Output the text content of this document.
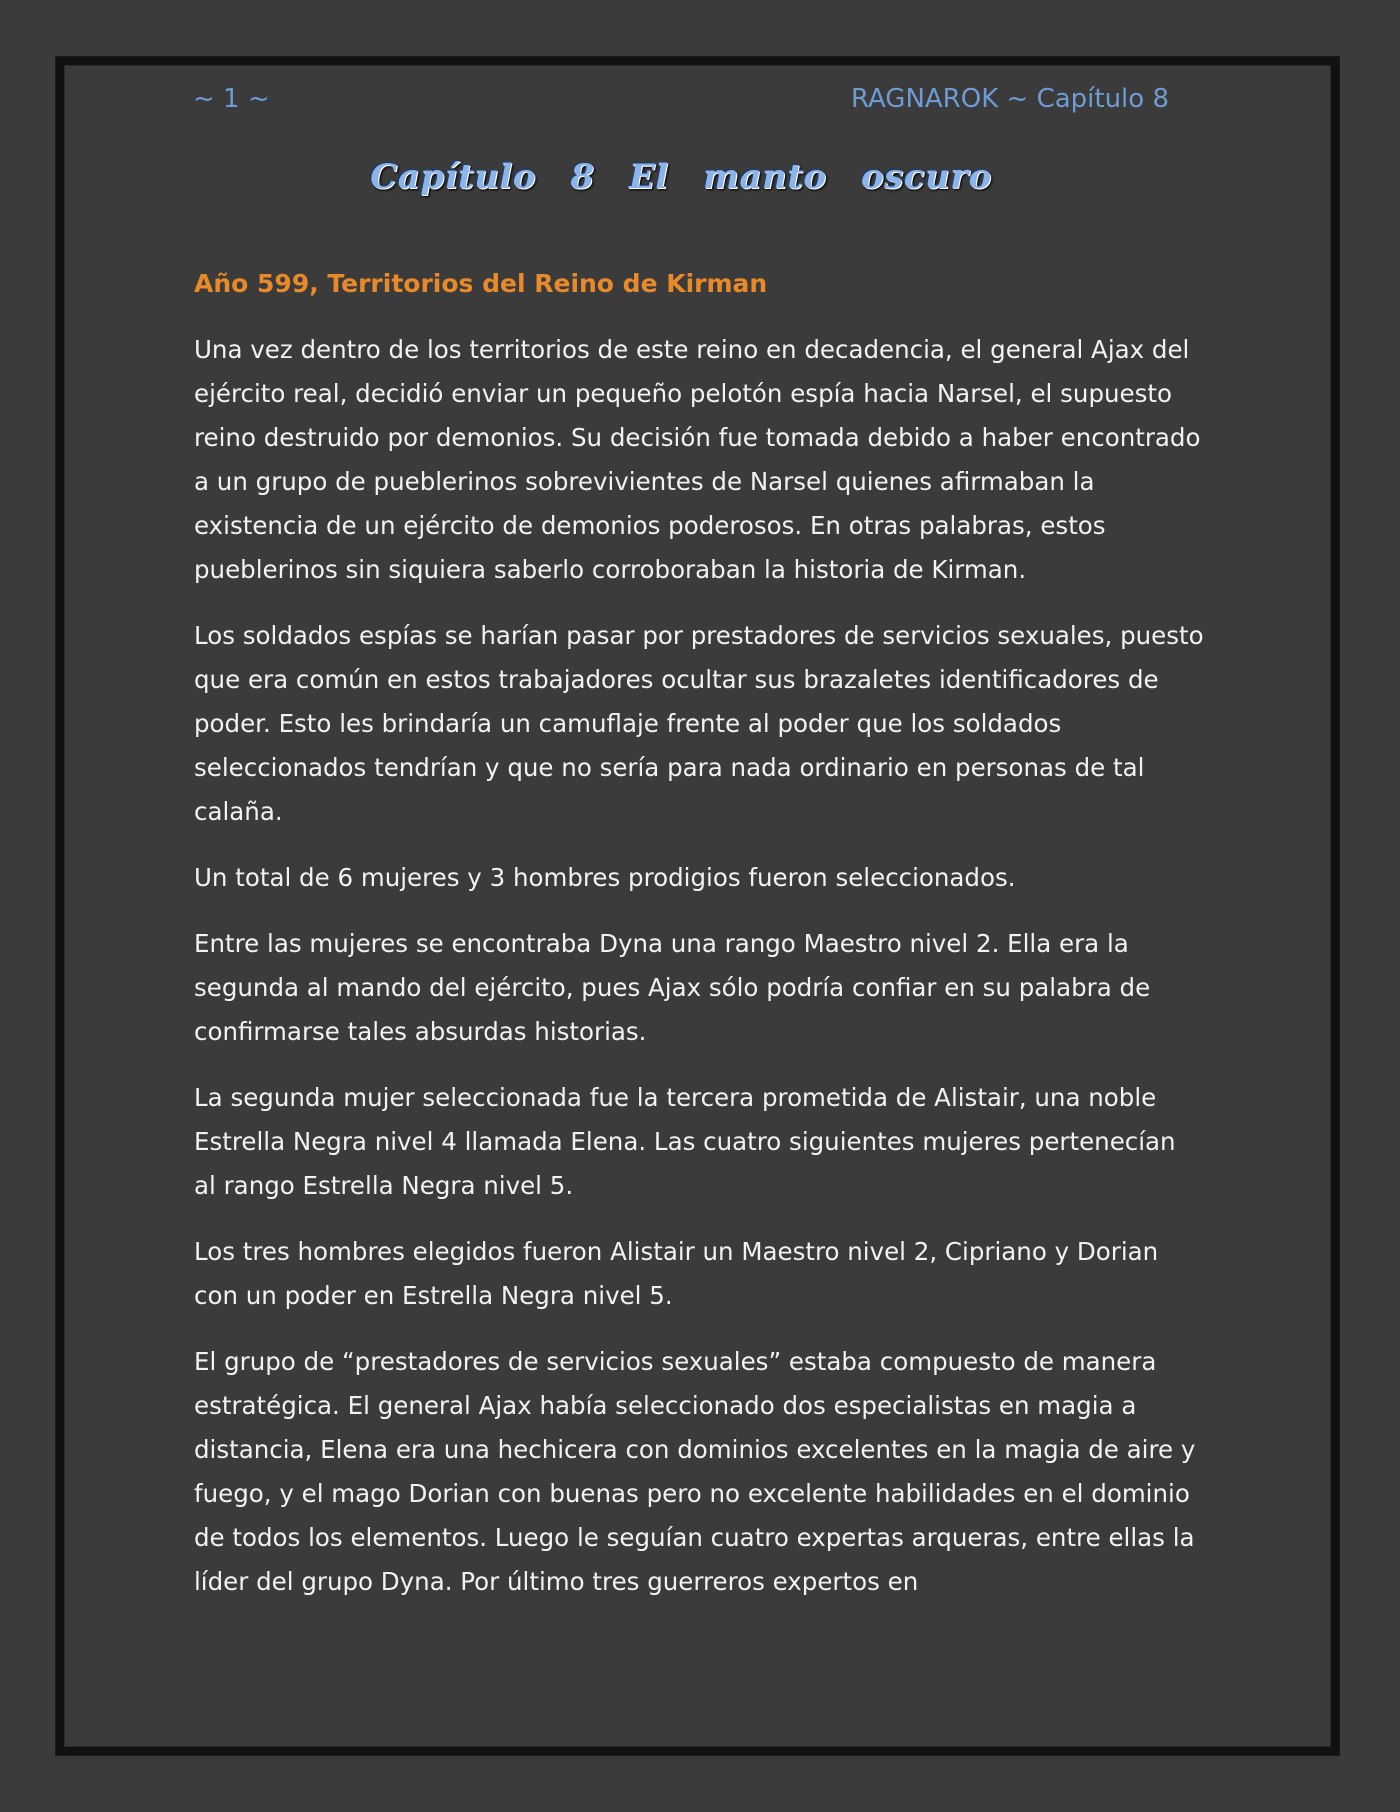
~ 1 ~	RAGNAROK ~ Capítulo 8
Capítulo 8 El manto oscuro
Año 599, Territorios del Reino de Kirman

Una vez dentro de los territorios de este reino en decadencia, el general Ajax del ejército real, decidió enviar un pequeño pelotón espía hacia Narsel, el supuesto reino destruido por demonios. Su decisión fue tomada debido a haber encontrado a un grupo de pueblerinos sobrevivientes de Narsel quienes afirmaban la existencia de un ejército de demonios poderosos. En otras palabras, estos pueblerinos sin siquiera saberlo corroboraban la historia de Kirman.

Los soldados espías se harían pasar por prestadores de servicios sexuales, puesto que era común en estos trabajadores ocultar sus brazaletes identificadores de poder. Esto les brindaría un camuflaje frente al poder que los soldados seleccionados tendrían y que no sería para nada ordinario en personas de tal calaña.

Un total de 6 mujeres y 3 hombres prodigios fueron seleccionados.

Entre las mujeres se encontraba Dyna una rango Maestro nivel 2. Ella era la segunda al mando del ejército, pues Ajax sólo podría confiar en su palabra de confirmarse tales absurdas historias.

La segunda mujer seleccionada fue la tercera prometida de Alistair, una noble Estrella Negra nivel 4 llamada Elena. Las cuatro siguientes mujeres pertenecían al rango Estrella Negra nivel 5.

Los tres hombres elegidos fueron Alistair un Maestro nivel 2, Cipriano y Dorian con un poder en Estrella Negra nivel 5.

El grupo de “prestadores de servicios sexuales” estaba compuesto de manera estratégica. El general Ajax había seleccionado dos especialistas en magia a distancia, Elena era una hechicera con dominios excelentes en la magia de aire y fuego, y el mago Dorian con buenas pero no excelente habilidades en el dominio de todos los elementos. Luego le seguían cuatro expertas arqueras, entre ellas la líder del grupo Dyna. Por último tres guerreros expertos en
